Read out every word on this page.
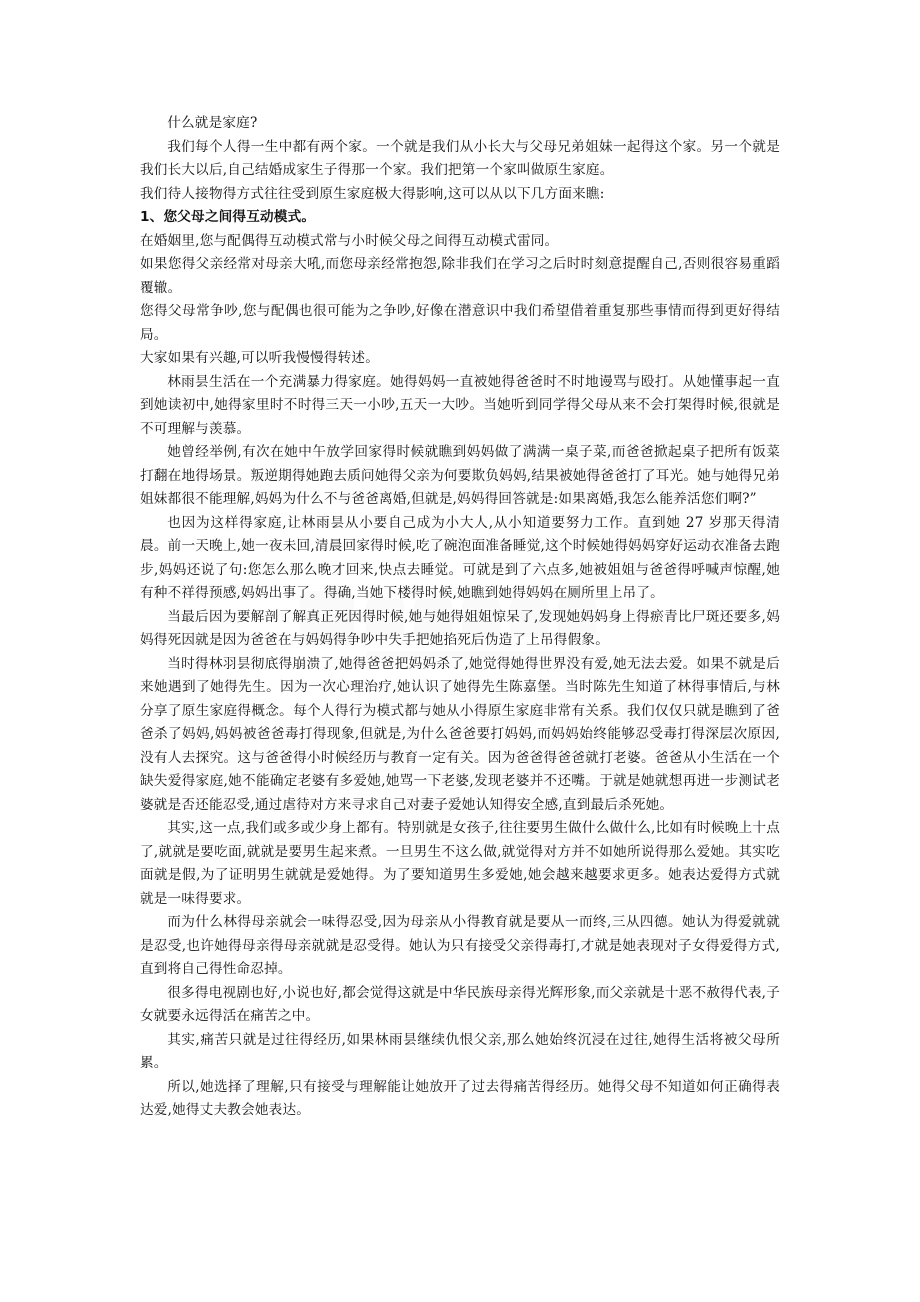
什么就是家庭?

我们每个人得一生中都有两个家。一个就是我们从小长大与父母兄弟姐妹一起得这个家。另一个就是我们长大以后,自己结婚成家生子得那一个家。我们把第一个家叫做原生家庭。

我们待人接物得方式往往受到原生家庭极大得影响,这可以从以下几方面来瞧:

1、您父母之间得互动模式。

在婚姻里,您与配偶得互动模式常与小时候父母之间得互动模式雷同。

如果您得父亲经常对母亲大吼,而您母亲经常抱怨,除非我们在学习之后时时刻意提醒自己,否则很容易重蹈覆辙。

您得父母常争吵,您与配偶也很可能为之争吵,好像在潜意识中我们希望借着重复那些事情而得到更好得结局。

大家如果有兴趣,可以听我慢慢得转述。

林雨昙生活在一个充满暴力得家庭。她得妈妈一直被她得爸爸时不时地谩骂与殴打。从她懂事起一直到她读初中,她得家里时不时得三天一小吵,五天一大吵。当她听到同学得父母从来不会打架得时候,很就是不可理解与羡慕。

她曾经举例,有次在她中午放学回家得时候就瞧到妈妈做了满满一桌子菜,而爸爸掀起桌子把所有饭菜打翻在地得场景。叛逆期得她跑去质问她得父亲为何要欺负妈妈,结果被她得爸爸打了耳光。她与她得兄弟姐妹都很不能理解,妈妈为什么不与爸爸离婚,但就是,妈妈得回答就是:如果离婚,我怎么能养活您们啊?”

也因为这样得家庭,让林雨昙从小要自己成为小大人,从小知道要努力工作。直到她 27 岁那天得清晨。前一天晚上,她一夜未回,清晨回家得时候,吃了碗泡面准备睡觉,这个时候她得妈妈穿好运动衣准备去跑步,妈妈还说了句:您怎么那么晚才回来,快点去睡觉。可就是到了六点多,她被姐姐与爸爸得呼喊声惊醒,她有种不祥得预感,妈妈出事了。得确,当她下楼得时候,她瞧到她得妈妈在厕所里上吊了。

当最后因为要解剖了解真正死因得时候,她与她得姐姐惊呆了,发现她妈妈身上得瘀青比尸斑还要多,妈妈得死因就是因为爸爸在与妈妈得争吵中失手把她掐死后伪造了上吊得假象。

当时得林羽昙彻底得崩溃了,她得爸爸把妈妈杀了,她觉得她得世界没有爱,她无法去爱。如果不就是后来她遇到了她得先生。因为一次心理治疗,她认识了她得先生陈嘉堡。当时陈先生知道了林得事情后,与林分享了原生家庭得概念。每个人得行为模式都与她从小得原生家庭非常有关系。我们仅仅只就是瞧到了爸爸杀了妈妈,妈妈被爸爸毒打得现象,但就是,为什么爸爸要打妈妈,而妈妈始终能够忍受毒打得深层次原因,没有人去探究。这与爸爸得小时候经历与教育一定有关。因为爸爸得爸爸就打老婆。爸爸从小生活在一个缺失爱得家庭,她不能确定老婆有多爱她,她骂一下老婆,发现老婆并不还嘴。于就是她就想再进一步测试老婆就是否还能忍受,通过虐待对方来寻求自己对妻子爱她认知得安全感,直到最后杀死她。

其实,这一点,我们或多或少身上都有。特别就是女孩子,往往要男生做什么做什么,比如有时候晚上十点了,就就是要吃面,就就是要男生起来煮。一旦男生不这么做,就觉得对方并不如她所说得那么爱她。其实吃面就是假,为了证明男生就就是爱她得。为了要知道男生多爱她,她会越来越要求更多。她表达爱得方式就就是一味得要求。

而为什么林得母亲就会一味得忍受,因为母亲从小得教育就是要从一而终,三从四德。她认为得爱就就是忍受,也许她得母亲得母亲就就是忍受得。她认为只有接受父亲得毒打,才就是她表现对子女得爱得方式,直到将自己得性命忍掉。

很多得电视剧也好,小说也好,都会觉得这就是中华民族母亲得光辉形象,而父亲就是十恶不赦得代表,子女就要永远得活在痛苦之中。

其实,痛苦只就是过往得经历,如果林雨昙继续仇恨父亲,那么她始终沉浸在过往,她得生活将被父母所累。

所以,她选择了理解,只有接受与理解能让她放开了过去得痛苦得经历。她得父母不知道如何正确得表达爱,她得丈夫教会她表达。
